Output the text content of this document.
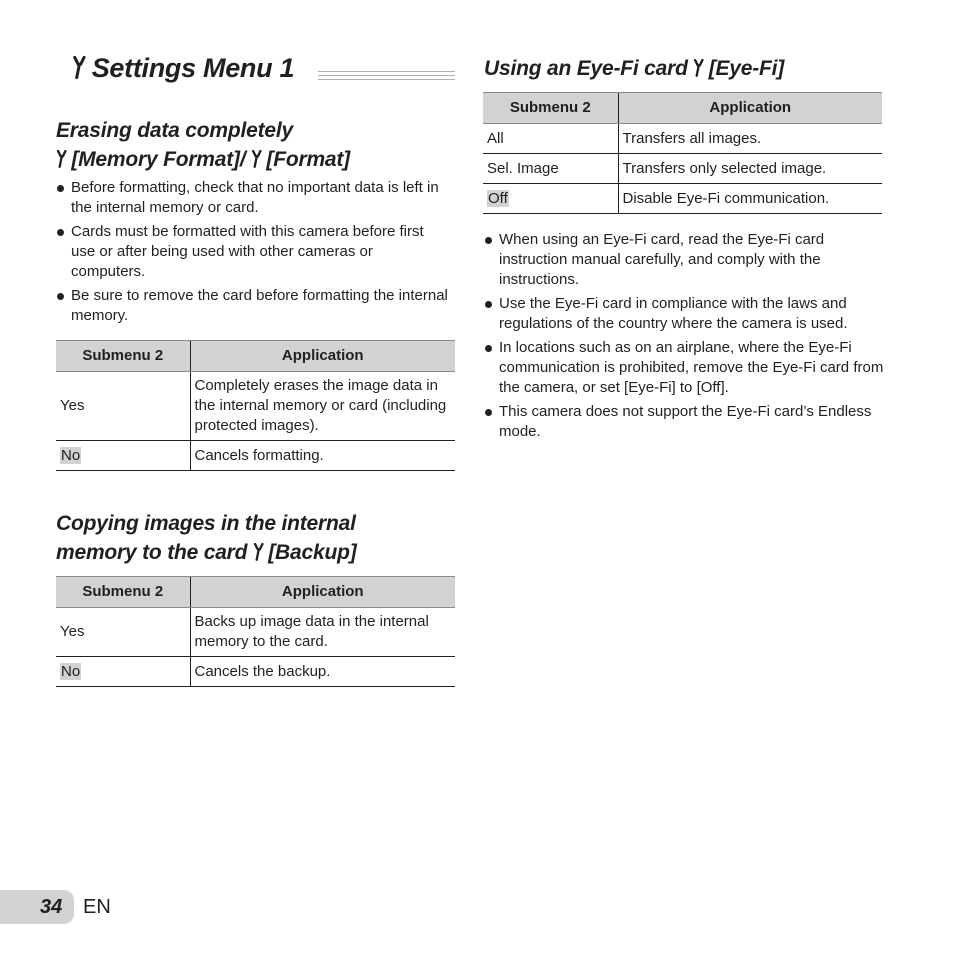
Settings Menu 1
Erasing data completely
[Memory Format]/ [Format]
Before formatting, check that no important data is left in the internal memory or card.
Cards must be formatted with this camera before first use or after being used with other cameras or computers.
Be sure to remove the card before formatting the internal memory.
Submenu 2	Application
Yes	Completely erases the image data in the internal memory or card (including protected images).
No	Cancels formatting.
Copying images in the internal
memory to the card [Backup]
Submenu 2	Application
Yes	Backs up image data in the internal memory to the card.
No	Cancels the backup.
Using an Eye-Fi card [Eye-Fi]
Submenu 2	Application
All	Transfers all images.
Sel. Image	Transfers only selected image.
Off	Disable Eye-Fi communication.
When using an Eye-Fi card, read the Eye-Fi card instruction manual carefully, and comply with the instructions.
Use the Eye-Fi card in compliance with the laws and regulations of the country where the camera is used.
In locations such as on an airplane, where the Eye-Fi communication is prohibited, remove the Eye-Fi card from the camera, or set [Eye-Fi] to [Off].
This camera does not support the Eye-Fi card’s Endless mode.
34 EN
